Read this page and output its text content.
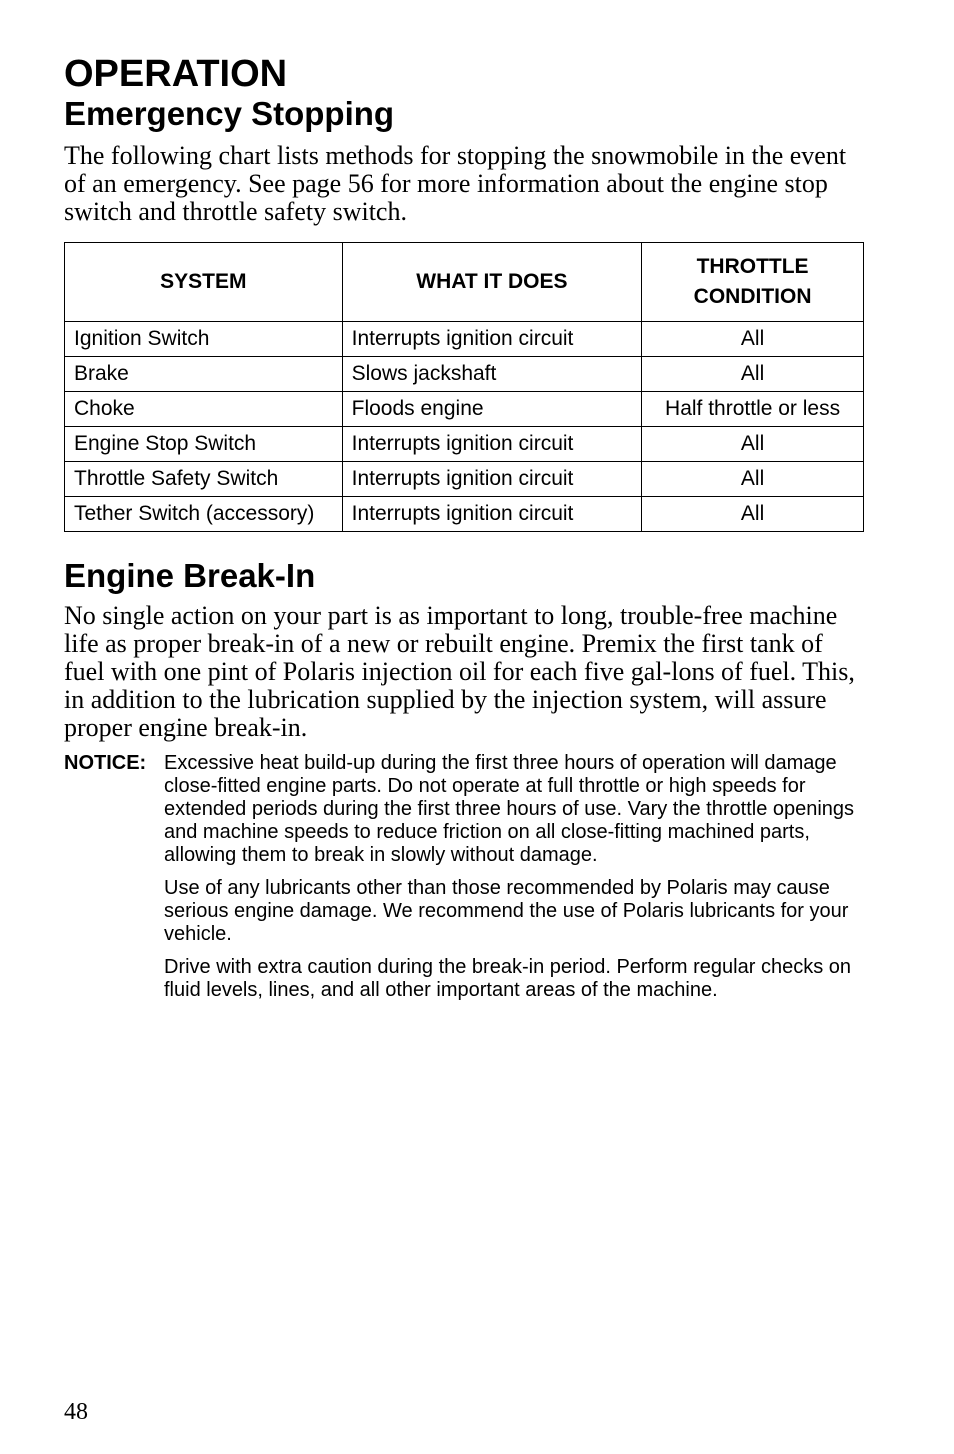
OPERATION
Emergency Stopping

The following chart lists methods for stopping the snowmobile in the event of an emergency. See page 56 for more information about the engine stop switch and throttle safety switch.

SYSTEM	WHAT IT DOES	THROTTLE CONDITION

Ignition Switch	Interrupts ignition circuit	All
Brake	Slows jackshaft	All
Choke	Floods engine	Half throttle or less
Engine Stop Switch	Interrupts ignition circuit	All
Throttle Safety Switch	Interrupts ignition circuit	All
Tether Switch (accessory)	Interrupts ignition circuit	All
Engine Break-In

No single action on your part is as important to long, trouble-free machine life as proper break-in of a new or rebuilt engine. Premix the first tank of fuel with one pint of Polaris injection oil for each five gal-lons of fuel. This, in addition to the lubrication supplied by the injection system, will assure proper engine break-in.

NOTICE: Excessive heat build-up during the first three hours of operation will damage close-fitted engine parts. Do not operate at full throttle or high speeds for extended periods during the first three hours of use. Vary the throttle openings and machine speeds to reduce friction on all close-fitting machined parts, allowing them to break in slowly without damage.

Use of any lubricants other than those recommended by Polaris may cause serious engine damage. We recommend the use of Polaris lubricants for your vehicle.

Drive with extra caution during the break-in period. Perform regular checks on fluid levels, lines, and all other important areas of the machine.

48
